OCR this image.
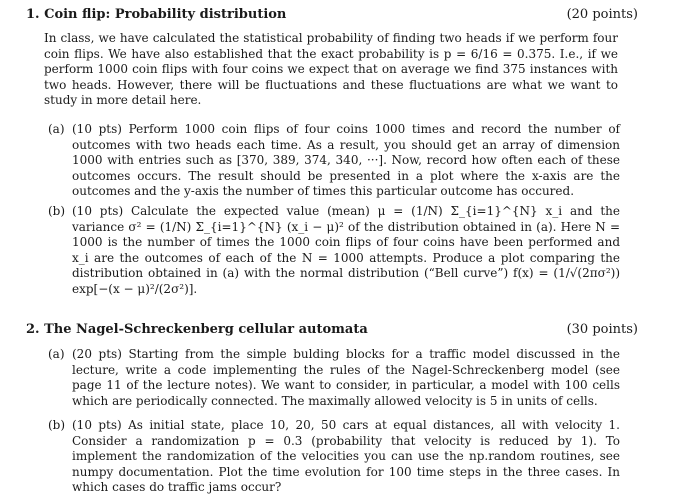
1. Coin flip: Probability distribution	(20 points)

In class, we have calculated the statistical probability of finding two heads if we perform four coin flips. We have also established that the exact probability is p = 6/16 = 0.375. I.e., if we perform 1000 coin flips with four coins we expect that on average we find 375 instances with two heads. However, there will be fluctuations and these fluctuations are what we want to study in more detail here.

(a) (10 pts) Perform 1000 coin flips of four coins 1000 times and record the number of outcomes with two heads each time. As a result, you should get an array of dimension 1000 with entries such as [370, 389, 374, 340, ···]. Now, record how often each of these outcomes occurs. The result should be presented in a plot where the x-axis are the outcomes and the y-axis the number of times this particular outcome has occured.
(b) (10 pts) Calculate the expected value (mean) μ = (1/N) Σ_{i=1}^{N} x_i and the variance σ² = (1/N) Σ_{i=1}^{N} (x_i − μ)² of the distribution obtained in (a). Here N = 1000 is the number of times the 1000 coin flips of four coins have been performed and x_i are the outcomes of each of the N = 1000 attempts. Produce a plot comparing the distribution obtained in (a) with the normal distribution (“Bell curve”) f(x) = (1/√(2πσ²)) exp[−(x − μ)²/(2σ²)].
2. The Nagel-Schreckenberg cellular automata	(30 points)
(a) (20 pts) Starting from the simple bulding blocks for a traffic model discussed in the lecture, write a code implementing the rules of the Nagel-Schreckenberg model (see page 11 of the lecture notes). We want to consider, in particular, a model with 100 cells which are periodically connected. The maximally allowed velocity is 5 in units of cells.
(b) (10 pts) As initial state, place 10, 20, 50 cars at equal distances, all with velocity 1. Consider a randomization p = 0.3 (probability that velocity is reduced by 1). To implement the randomization of the velocities you can use the np.random routines, see numpy documentation. Plot the time evolution for 100 time steps in the three cases. In which cases do traffic jams occur?
